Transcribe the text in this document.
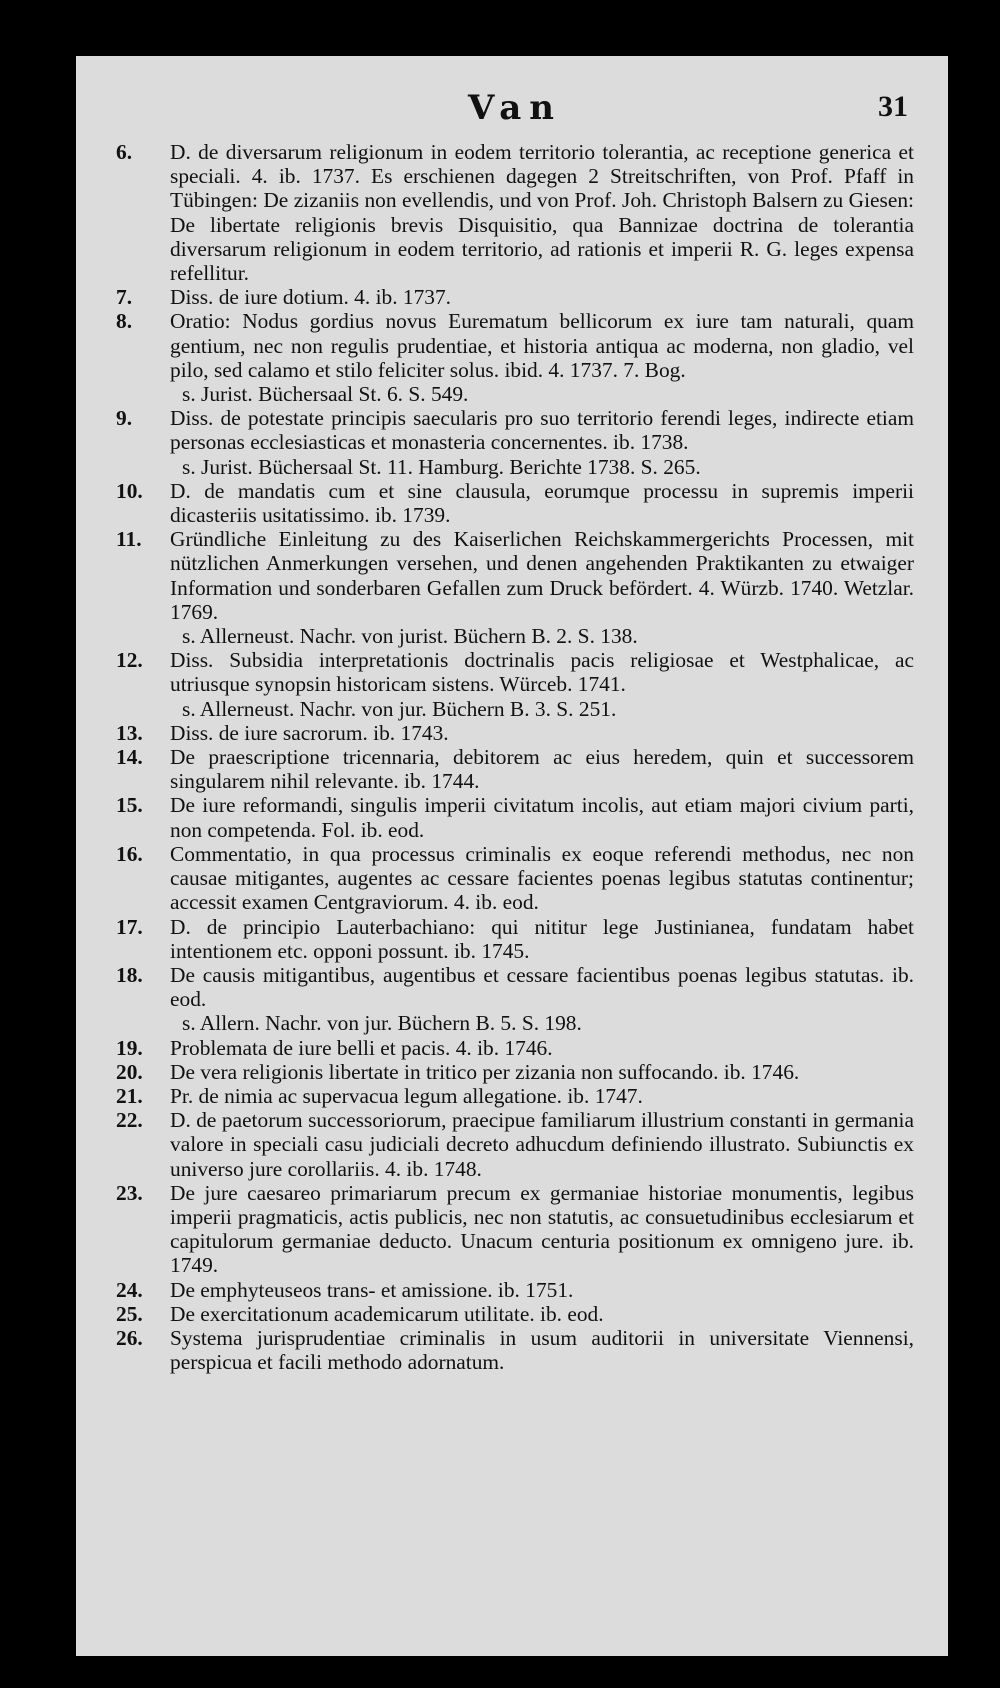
Van	31
6.	D. de diversarum religionum in eodem territorio tolerantia, ac receptione generica et speciali. 4. ib. 1737. Es erschienen dagegen 2 Streitschriften, von Prof. Pfaff in Tübingen: De zizaniis non evellendis, und von Prof. Joh. Christoph Balsern zu Giesen: De libertate religionis brevis Disquisitio, qua Bannizae doctrina de tolerantia diversarum religionum in eodem territorio, ad rationis et imperii R. G. leges expensa refellitur.
7.	Diss. de iure dotium. 4. ib. 1737.
8.	Oratio: Nodus gordius novus Eurematum bellicorum ex iure tam naturali, quam gentium, nec non regulis prudentiae, et historia antiqua ac moderna, non gladio, vel pilo, sed calamo et stilo feliciter solus. ibid. 4. 1737. 7. Bog.
s. Jurist. Büchersaal St. 6. S. 549.
9.	Diss. de potestate principis saecularis pro suo territorio ferendi leges, indirecte etiam personas ecclesiasticas et monasteria concernentes. ib. 1738.
s. Jurist. Büchersaal St. 11. Hamburg. Berichte 1738. S. 265.
10.	D. de mandatis cum et sine clausula, eorumque processu in supremis imperii dicasteriis usitatissimo. ib. 1739.
11.	Gründliche Einleitung zu des Kaiserlichen Reichskammergerichts Processen, mit nützlichen Anmerkungen versehen, und denen angehenden Praktikanten zu etwaiger Information und sonderbaren Gefallen zum Druck befördert. 4. Würzb. 1740. Wetzlar. 1769.
s. Allerneust. Nachr. von jurist. Büchern B. 2. S. 138.
12.	Diss. Subsidia interpretationis doctrinalis pacis religiosae et Westphalicae, ac utriusque synopsin historicam sistens. Würceb. 1741.
s. Allerneust. Nachr. von jur. Büchern B. 3. S. 251.
13.	Diss. de iure sacrorum. ib. 1743.
14.	De praescriptione tricennaria, debitorem ac eius heredem, quin et successorem singularem nihil relevante. ib. 1744.
15.	De iure reformandi, singulis imperii civitatum incolis, aut etiam majori civium parti, non competenda. Fol. ib. eod.
16.	Commentatio, in qua processus criminalis ex eoque referendi methodus, nec non causae mitigantes, augentes ac cessare facientes poenas legibus statutas continentur; accessit examen Centgraviorum. 4. ib. eod.
17.	D. de principio Lauterbachiano: qui nititur lege Justinianea, fundatam habet intentionem etc. opponi possunt. ib. 1745.
18.	De causis mitigantibus, augentibus et cessare facientibus poenas legibus statutas. ib. eod.
s. Allern. Nachr. von jur. Büchern B. 5. S. 198.
19.	Problemata de iure belli et pacis. 4. ib. 1746.
20.	De vera religionis libertate in tritico per zizania non suffocando. ib. 1746.
21.	Pr. de nimia ac supervacua legum allegatione. ib. 1747.
22.	D. de paetorum successoriorum, praecipue familiarum illustrium constanti in germania valore in speciali casu judiciali decreto adhucdum definiendo illustrato. Subiunctis ex universo jure corollariis. 4. ib. 1748.
23.	De jure caesareo primariarum precum ex germaniae historiae monumentis, legibus imperii pragmaticis, actis publicis, nec non statutis, ac consuetudinibus ecclesiarum et capitulorum germaniae deducto. Unacum centuria positionum ex omnigeno jure. ib. 1749.
24.	De emphyteuseos trans- et amissione. ib. 1751.
25.	De exercitationum academicarum utilitate. ib. eod.
26.	Systema jurisprudentiae criminalis in usum auditorii in universitate Viennensi, perspicua et facili methodo adornatum.
